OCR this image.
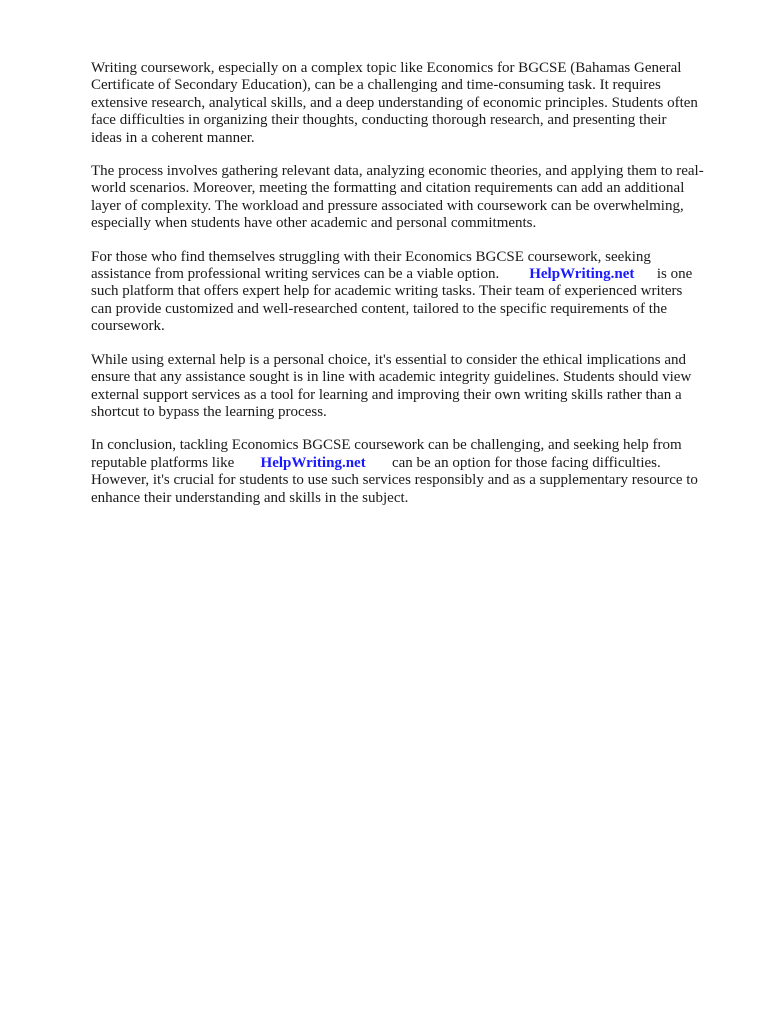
Writing coursework, especially on a complex topic like Economics for BGCSE (Bahamas General
Certificate of Secondary Education), can be a challenging and time-consuming task. It requires
extensive research, analytical skills, and a deep understanding of economic principles. Students often
face difficulties in organizing their thoughts, conducting thorough research, and presenting their
ideas in a coherent manner.

The process involves gathering relevant data, analyzing economic theories, and applying them to real-
world scenarios. Moreover, meeting the formatting and citation requirements can add an additional
layer of complexity. The workload and pressure associated with coursework can be overwhelming,
especially when students have other academic and personal commitments.

For those who find themselves struggling with their Economics BGCSE coursework, seeking
assistance from professional writing services can be a viable option. HelpWriting.net is one
such platform that offers expert help for academic writing tasks. Their team of experienced writers
can provide customized and well-researched content, tailored to the specific requirements of the
coursework.

While using external help is a personal choice, it's essential to consider the ethical implications and
ensure that any assistance sought is in line with academic integrity guidelines. Students should view
external support services as a tool for learning and improving their own writing skills rather than a
shortcut to bypass the learning process.

In conclusion, tackling Economics BGCSE coursework can be challenging, and seeking help from
reputable platforms like HelpWriting.net can be an option for those facing difficulties.
However, it's crucial for students to use such services responsibly and as a supplementary resource to
enhance their understanding and skills in the subject.
